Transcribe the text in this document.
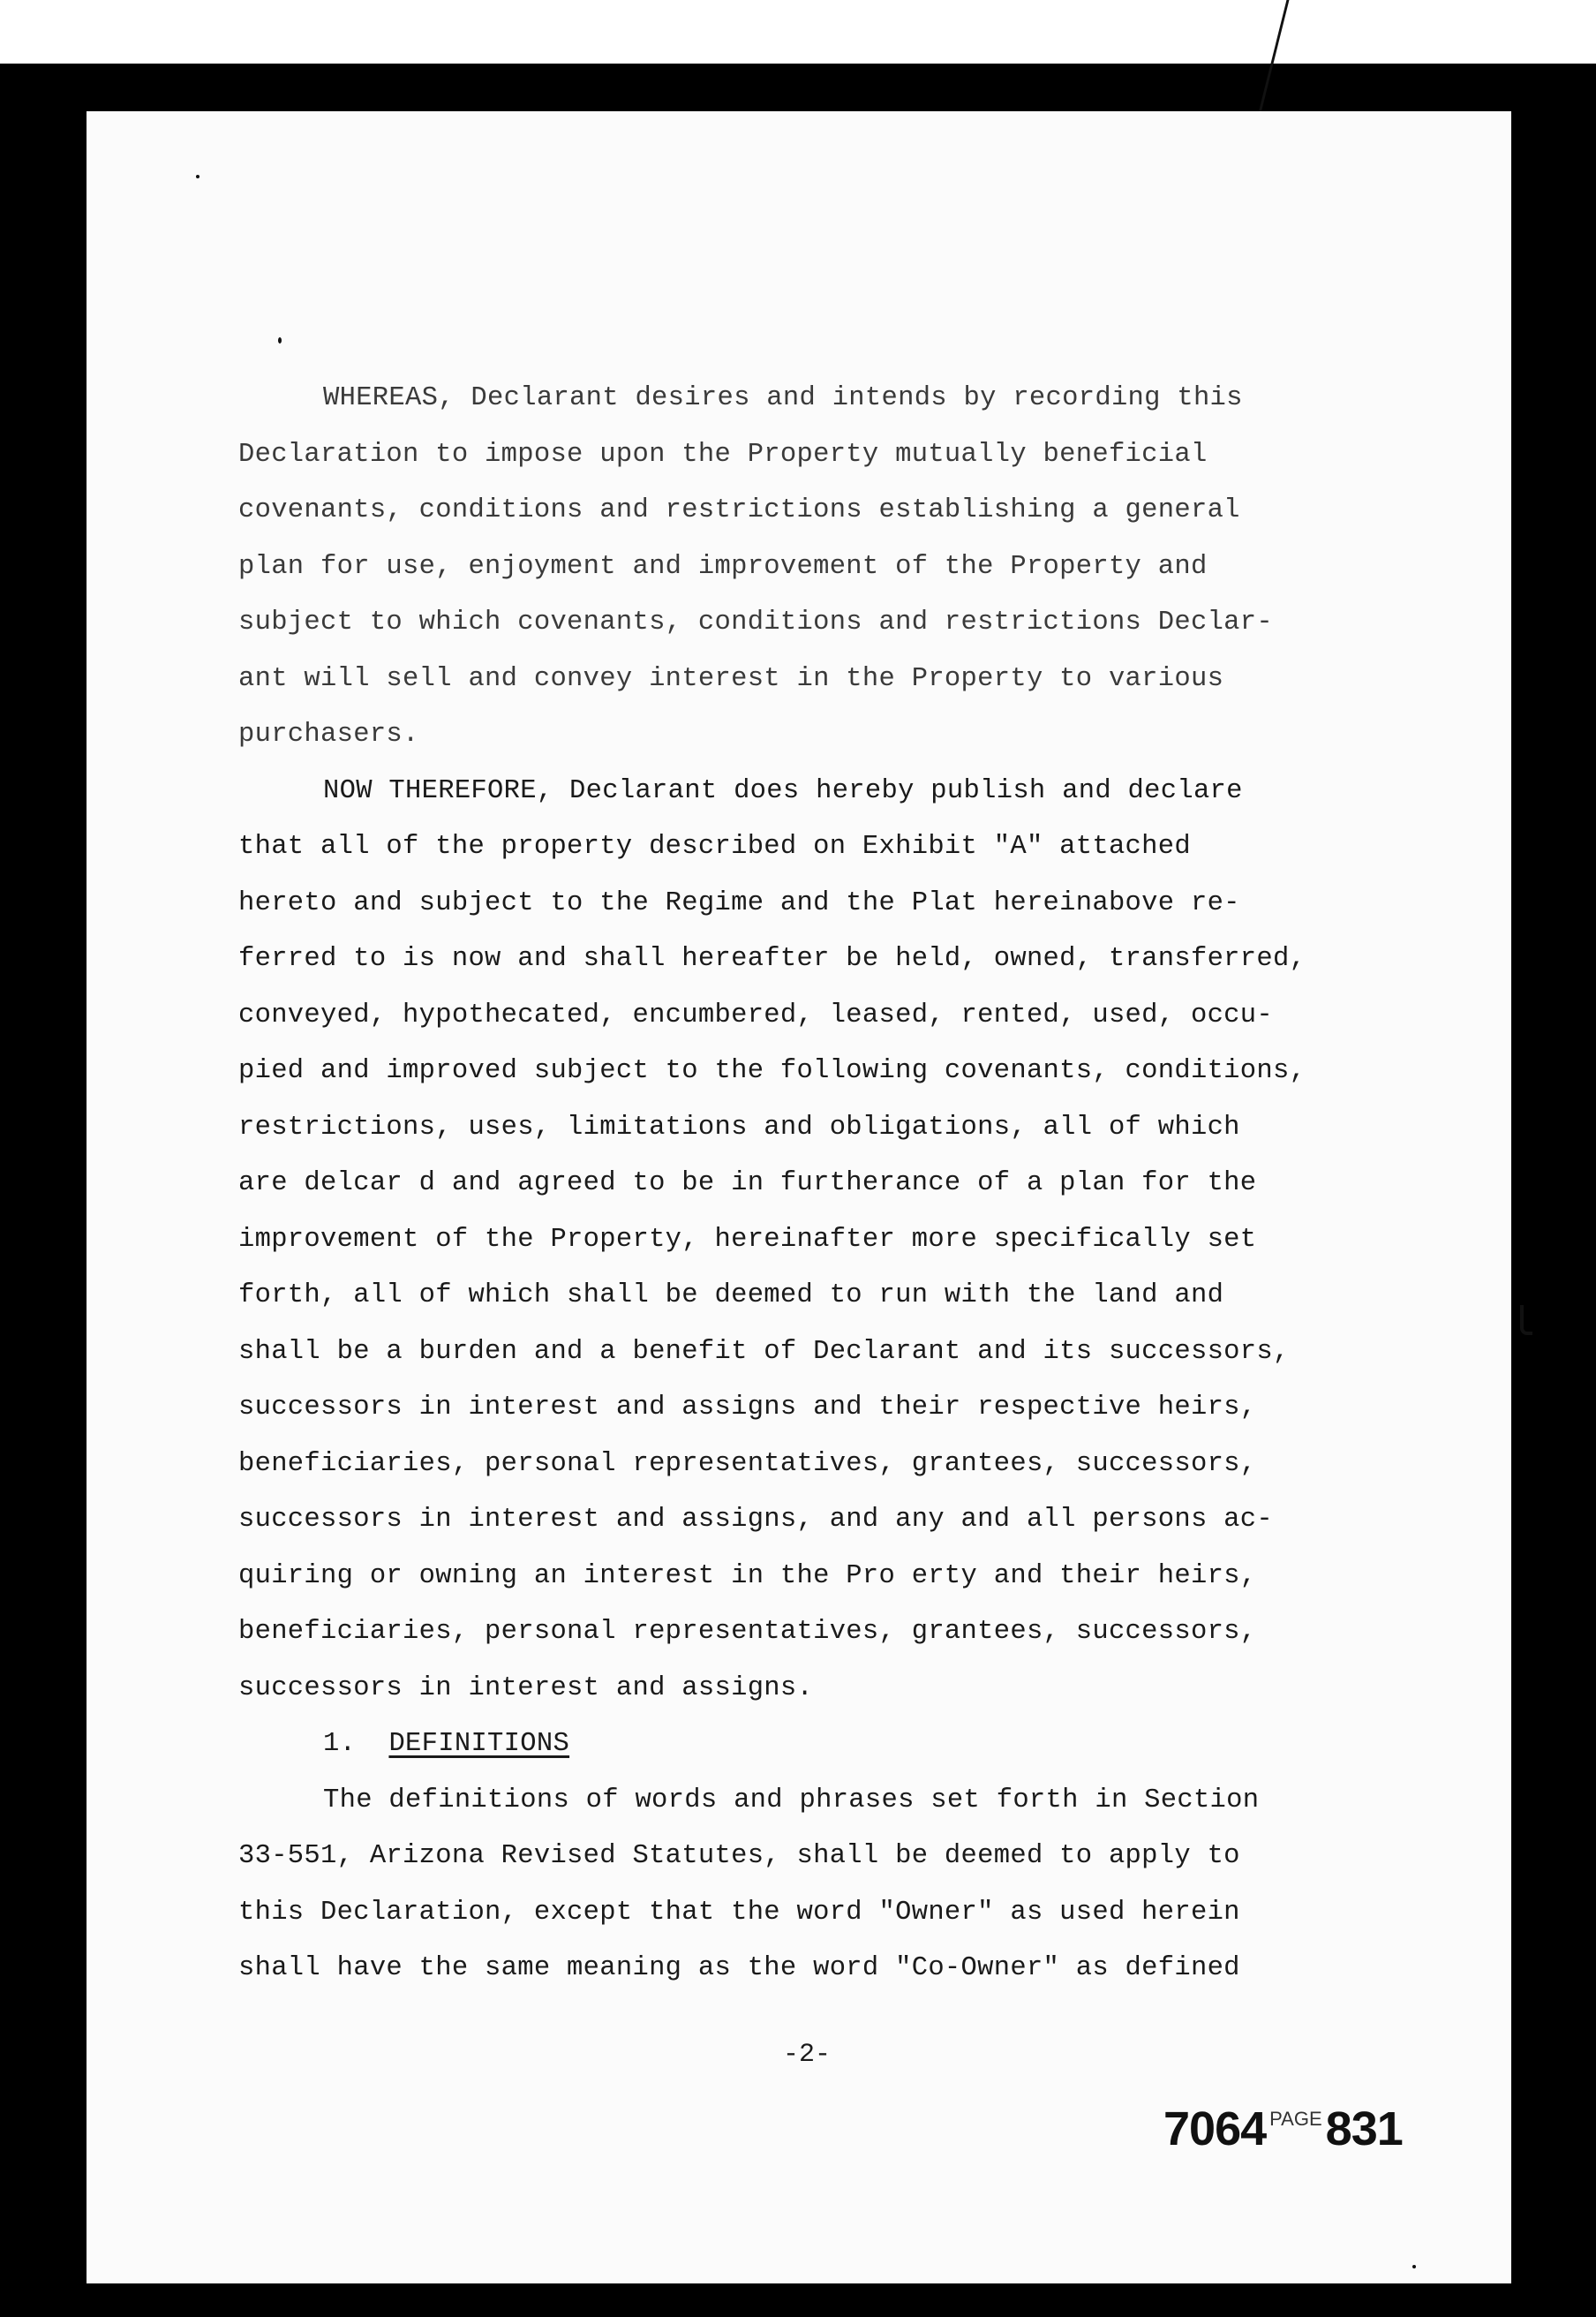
WHEREAS, Declarant desires and intends by recording this
Declaration to impose upon the Property mutually beneficial
covenants, conditions and restrictions establishing a general
plan for use, enjoyment and improvement of the Property and
subject to which covenants, conditions and restrictions Declar-
ant will sell and convey interest in the Property to various
purchasers.
NOW THEREFORE, Declarant does hereby publish and declare
that all of the property described on Exhibit "A" attached
hereto and subject to the Regime and the Plat hereinabove re-
ferred to is now and shall hereafter be held, owned, transferred,
conveyed, hypothecated, encumbered, leased, rented, used, occu-
pied and improved subject to the following covenants, conditions,
restrictions, uses, limitations and obligations, all of which
are delcar d and agreed to be in furtherance of a plan for the
improvement of the Property, hereinafter more specifically set
forth, all of which shall be deemed to run with the land and
shall be a burden and a benefit of Declarant and its successors,
successors in interest and assigns and their respective heirs,
beneficiaries, personal representatives, grantees, successors,
successors in interest and assigns, and any and all persons ac-
quiring or owning an interest in the Pro erty and their heirs,
beneficiaries, personal representatives, grantees, successors,
successors in interest and assigns.
1. DEFINITIONS
The definitions of words and phrases set forth in Section
33-551, Arizona Revised Statutes, shall be deemed to apply to
this Declaration, except that the word "Owner" as used herein
shall have the same meaning as the word "Co-Owner" as defined
-2-
7064 $^{PAGE}$831
